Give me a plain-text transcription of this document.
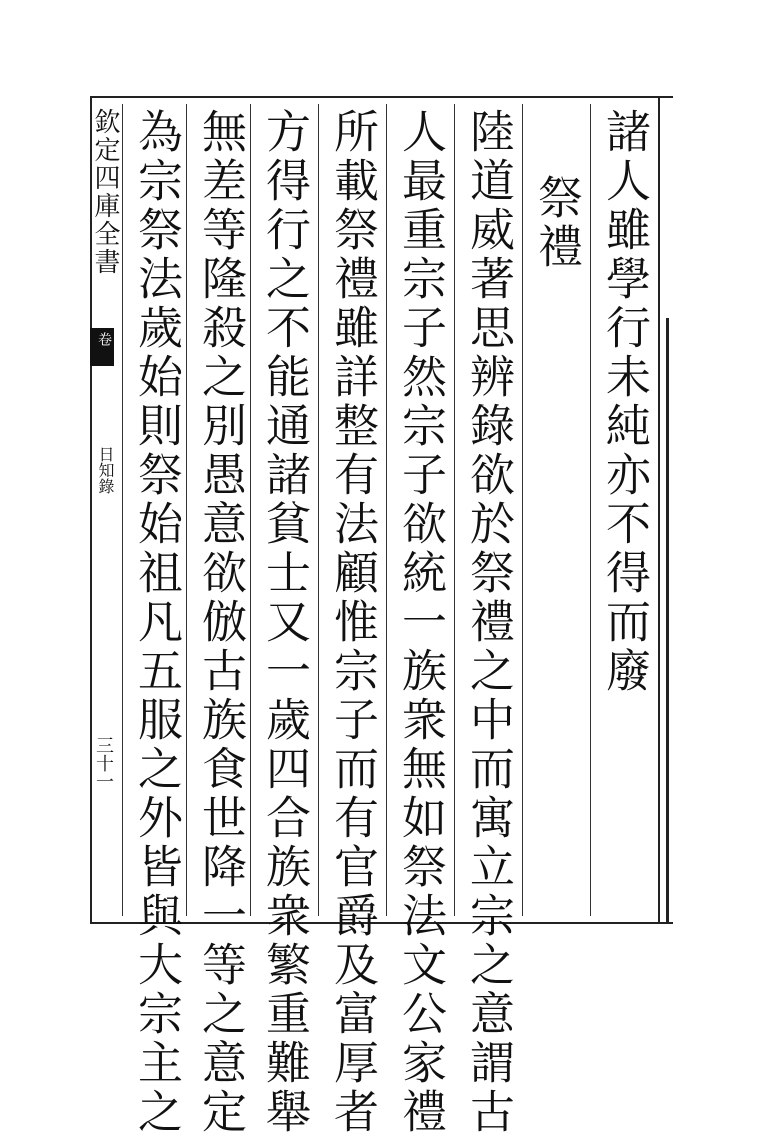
欽定四庫全書
卷
日知錄
三十一
諸人雖學行未純亦不得而廢
祭禮
陸道威著思辨錄欲於祭禮之中而寓立宗之意謂古
人最重宗子然宗子欲統一族衆無如祭法文公家禮
所載祭禮雖詳整有法顧惟宗子而有官爵及富厚者
方得行之不能通諸貧士又一歲四合族衆繁重難舉
無差等隆殺之別愚意欲倣古族食世降一等之意定
為宗祭法歲始則祭始祖凡五服之外皆與大宗主之
